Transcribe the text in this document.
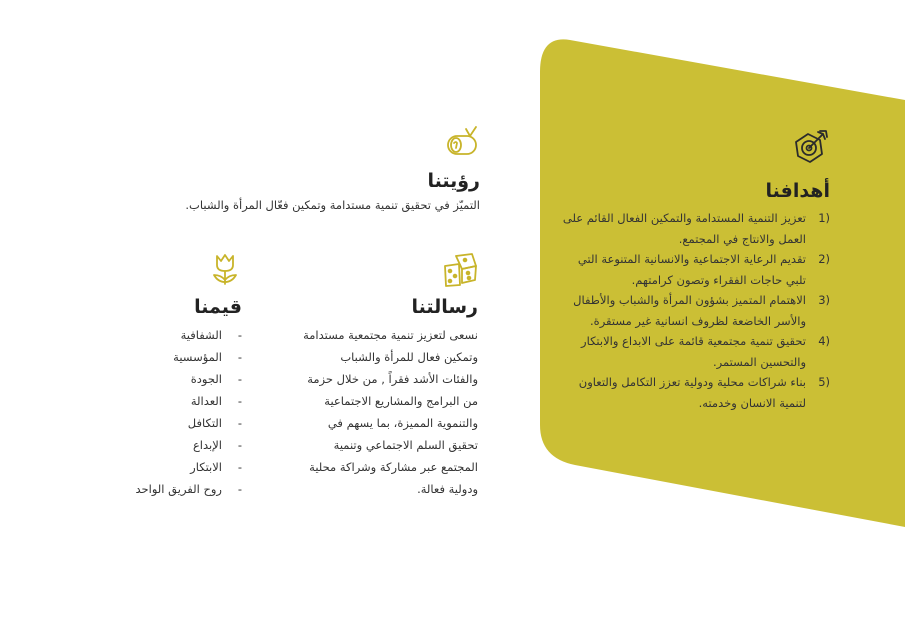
أهدافنا
1)
تعزيز التنمية المستدامة والتمكين الفعال القائم على العمل والانتاج في المجتمع.
2)
تقديم الرعاية الاجتماعية والانسانية المتنوعة التي تلبي حاجات الفقراء وتصون كرامتهم.
3)
الاهتمام المتميز بشؤون المرأة والشباب والأطفال والأسر الخاضعة لظروف انسانية غير مستقرة.
4)
تحقيق تنمية مجتمعية قائمة على الابداع والابتكار والتحسين المستمر.
5)
بناء شراكات محلية ودولية تعزز التكامل والتعاون لتنمية الانسان وخدمته.
رؤيتنا

التميّز في تحقيق تنمية مستدامة وتمكين فعّال المرأة والشباب.

رسالتنا

نسعى لتعزيز تنمية مجتمعية مستدامة وتمكين فعال للمرأة والشباب والفئات الأشد فقراً , من خلال حزمة من البرامج والمشاريع الاجتماعية والتنموية المميزة، بما يسهم في تحقيق السلم الاجتماعي وتنمية المجتمع عبر مشاركة وشراكة محلية ودولية فعالة.

قيمنا
-
الشفافية
-
المؤسسية
-
الجودة
-
العدالة
-
التكافل
-
الإبداع
-
الابتكار
-
روح الفريق الواحد
